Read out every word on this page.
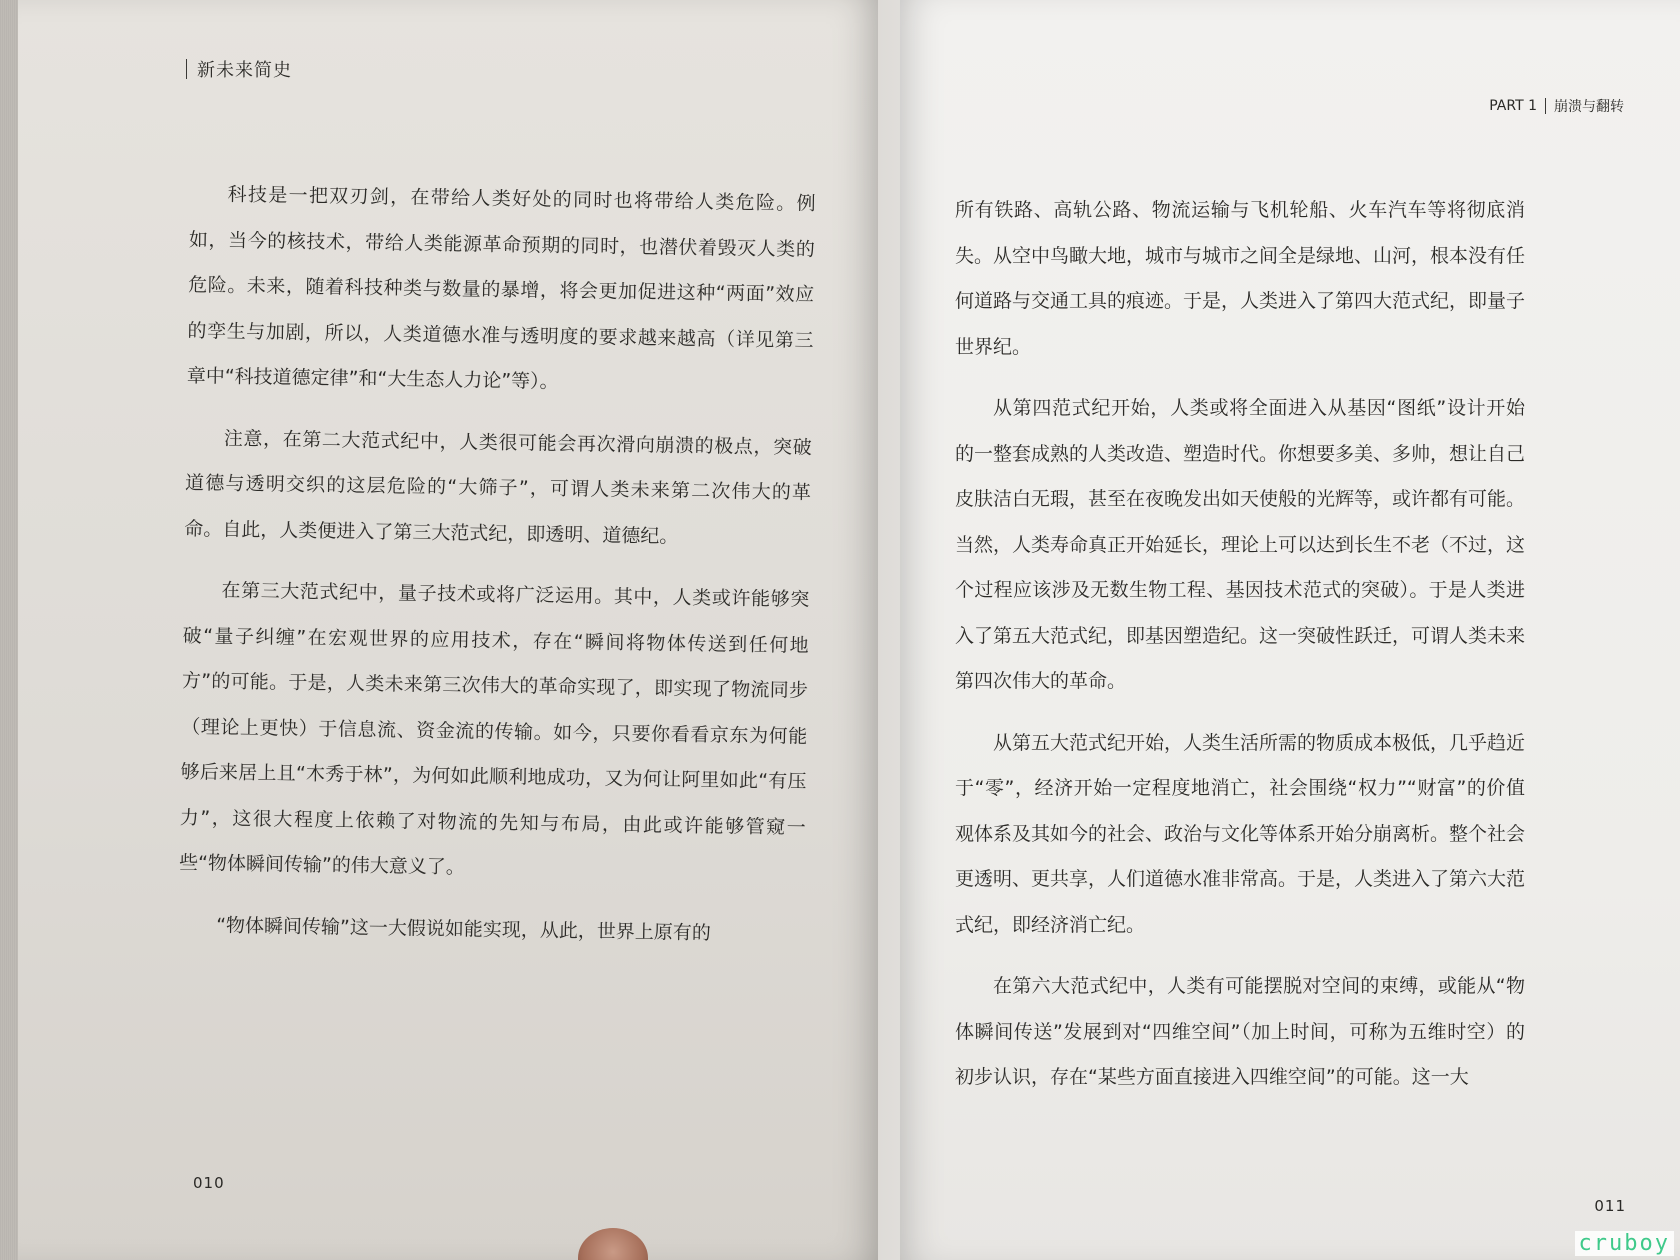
新未来简史

科技是一把双刃剑，在带给人类好处的同时也将带给人类危险。例如，当今的核技术，带给人类能源革命预期的同时，也潜伏着毁灭人类的危险。未来，随着科技种类与数量的暴增，将会更加促进这种“两面”效应的孪生与加剧，所以，人类道德水准与透明度的要求越来越高（详见第三章中“科技道德定律”和“大生态人力论”等）。

注意，在第二大范式纪中，人类很可能会再次滑向崩溃的极点，突破道德与透明交织的这层危险的“大筛子”，可谓人类未来第二次伟大的革命。自此，人类便进入了第三大范式纪，即透明、道德纪。

在第三大范式纪中，量子技术或将广泛运用。其中，人类或许能够突破“量子纠缠”在宏观世界的应用技术，存在“瞬间将物体传送到任何地方”的可能。于是，人类未来第三次伟大的革命实现了，即实现了物流同步（理论上更快）于信息流、资金流的传输。如今，只要你看看京东为何能够后来居上且“木秀于林”，为何如此顺利地成功，又为何让阿里如此“有压力”，这很大程度上依赖了对物流的先知与布局，由此或许能够管窥一些“物体瞬间传输”的伟大意义了。

“物体瞬间传输”这一大假说如能实现，从此，世界上原有的

010
PART 1 崩溃与翻转

所有铁路、高轨公路、物流运输与飞机轮船、火车汽车等将彻底消失。从空中鸟瞰大地，城市与城市之间全是绿地、山河，根本没有任何道路与交通工具的痕迹。于是，人类进入了第四大范式纪，即量子世界纪。

从第四范式纪开始，人类或将全面进入从基因“图纸”设计开始的一整套成熟的人类改造、塑造时代。你想要多美、多帅，想让自己皮肤洁白无瑕，甚至在夜晚发出如天使般的光辉等，或许都有可能。当然，人类寿命真正开始延长，理论上可以达到长生不老（不过，这个过程应该涉及无数生物工程、基因技术范式的突破）。于是人类进入了第五大范式纪，即基因塑造纪。这一突破性跃迁，可谓人类未来第四次伟大的革命。

从第五大范式纪开始，人类生活所需的物质成本极低，几乎趋近于“零”，经济开始一定程度地消亡，社会围绕“权力”“财富”的价值观体系及其如今的社会、政治与文化等体系开始分崩离析。整个社会更透明、更共享，人们道德水准非常高。于是，人类进入了第六大范式纪，即经济消亡纪。

在第六大范式纪中，人类有可能摆脱对空间的束缚，或能从“物体瞬间传送”发展到对“四维空间”（加上时间，可称为五维时空）的初步认识，存在“某些方面直接进入四维空间”的可能。这一大

011
cruboy
